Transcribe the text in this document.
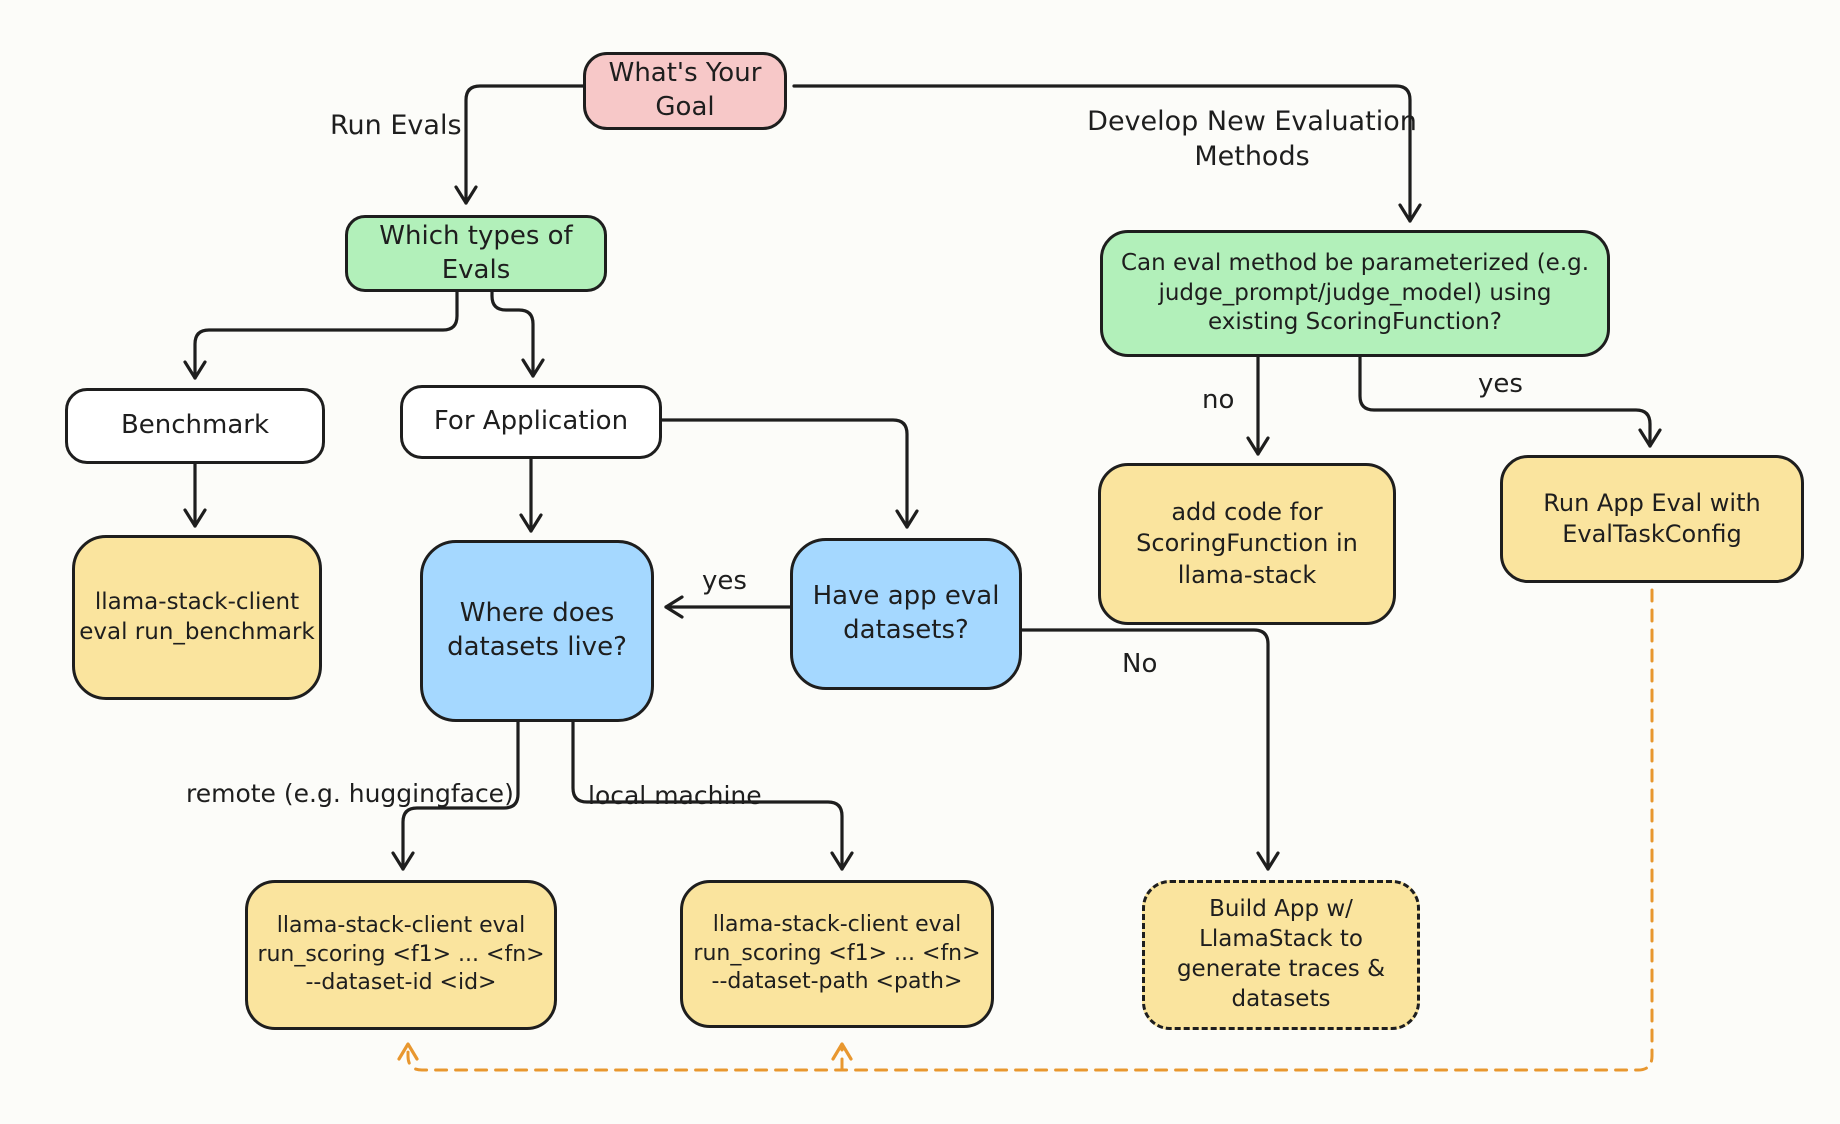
What's Your
Goal
Which types of
Evals	Can eval method be parameterized (e.g.
judge_prompt/judge_model) using
existing ScoringFunction?
Benchmark	For Application
llama-stack-client
eval run_benchmark
Where does
datasets live?
Have app eval
datasets?
add code for
ScoringFunction in
llama-stack
Run App Eval with
EvalTaskConfig
llama-stack-client eval
run_scoring <f1> ... <fn>
--dataset-id <id>
llama-stack-client eval
run_scoring <f1> ... <fn>
--dataset-path <path>
Build App w/
LlamaStack to
generate traces &
datasets
Run Evals	Develop New Evaluation Methods
yes
No
no
yes
remote (e.g. huggingface)	local machine
